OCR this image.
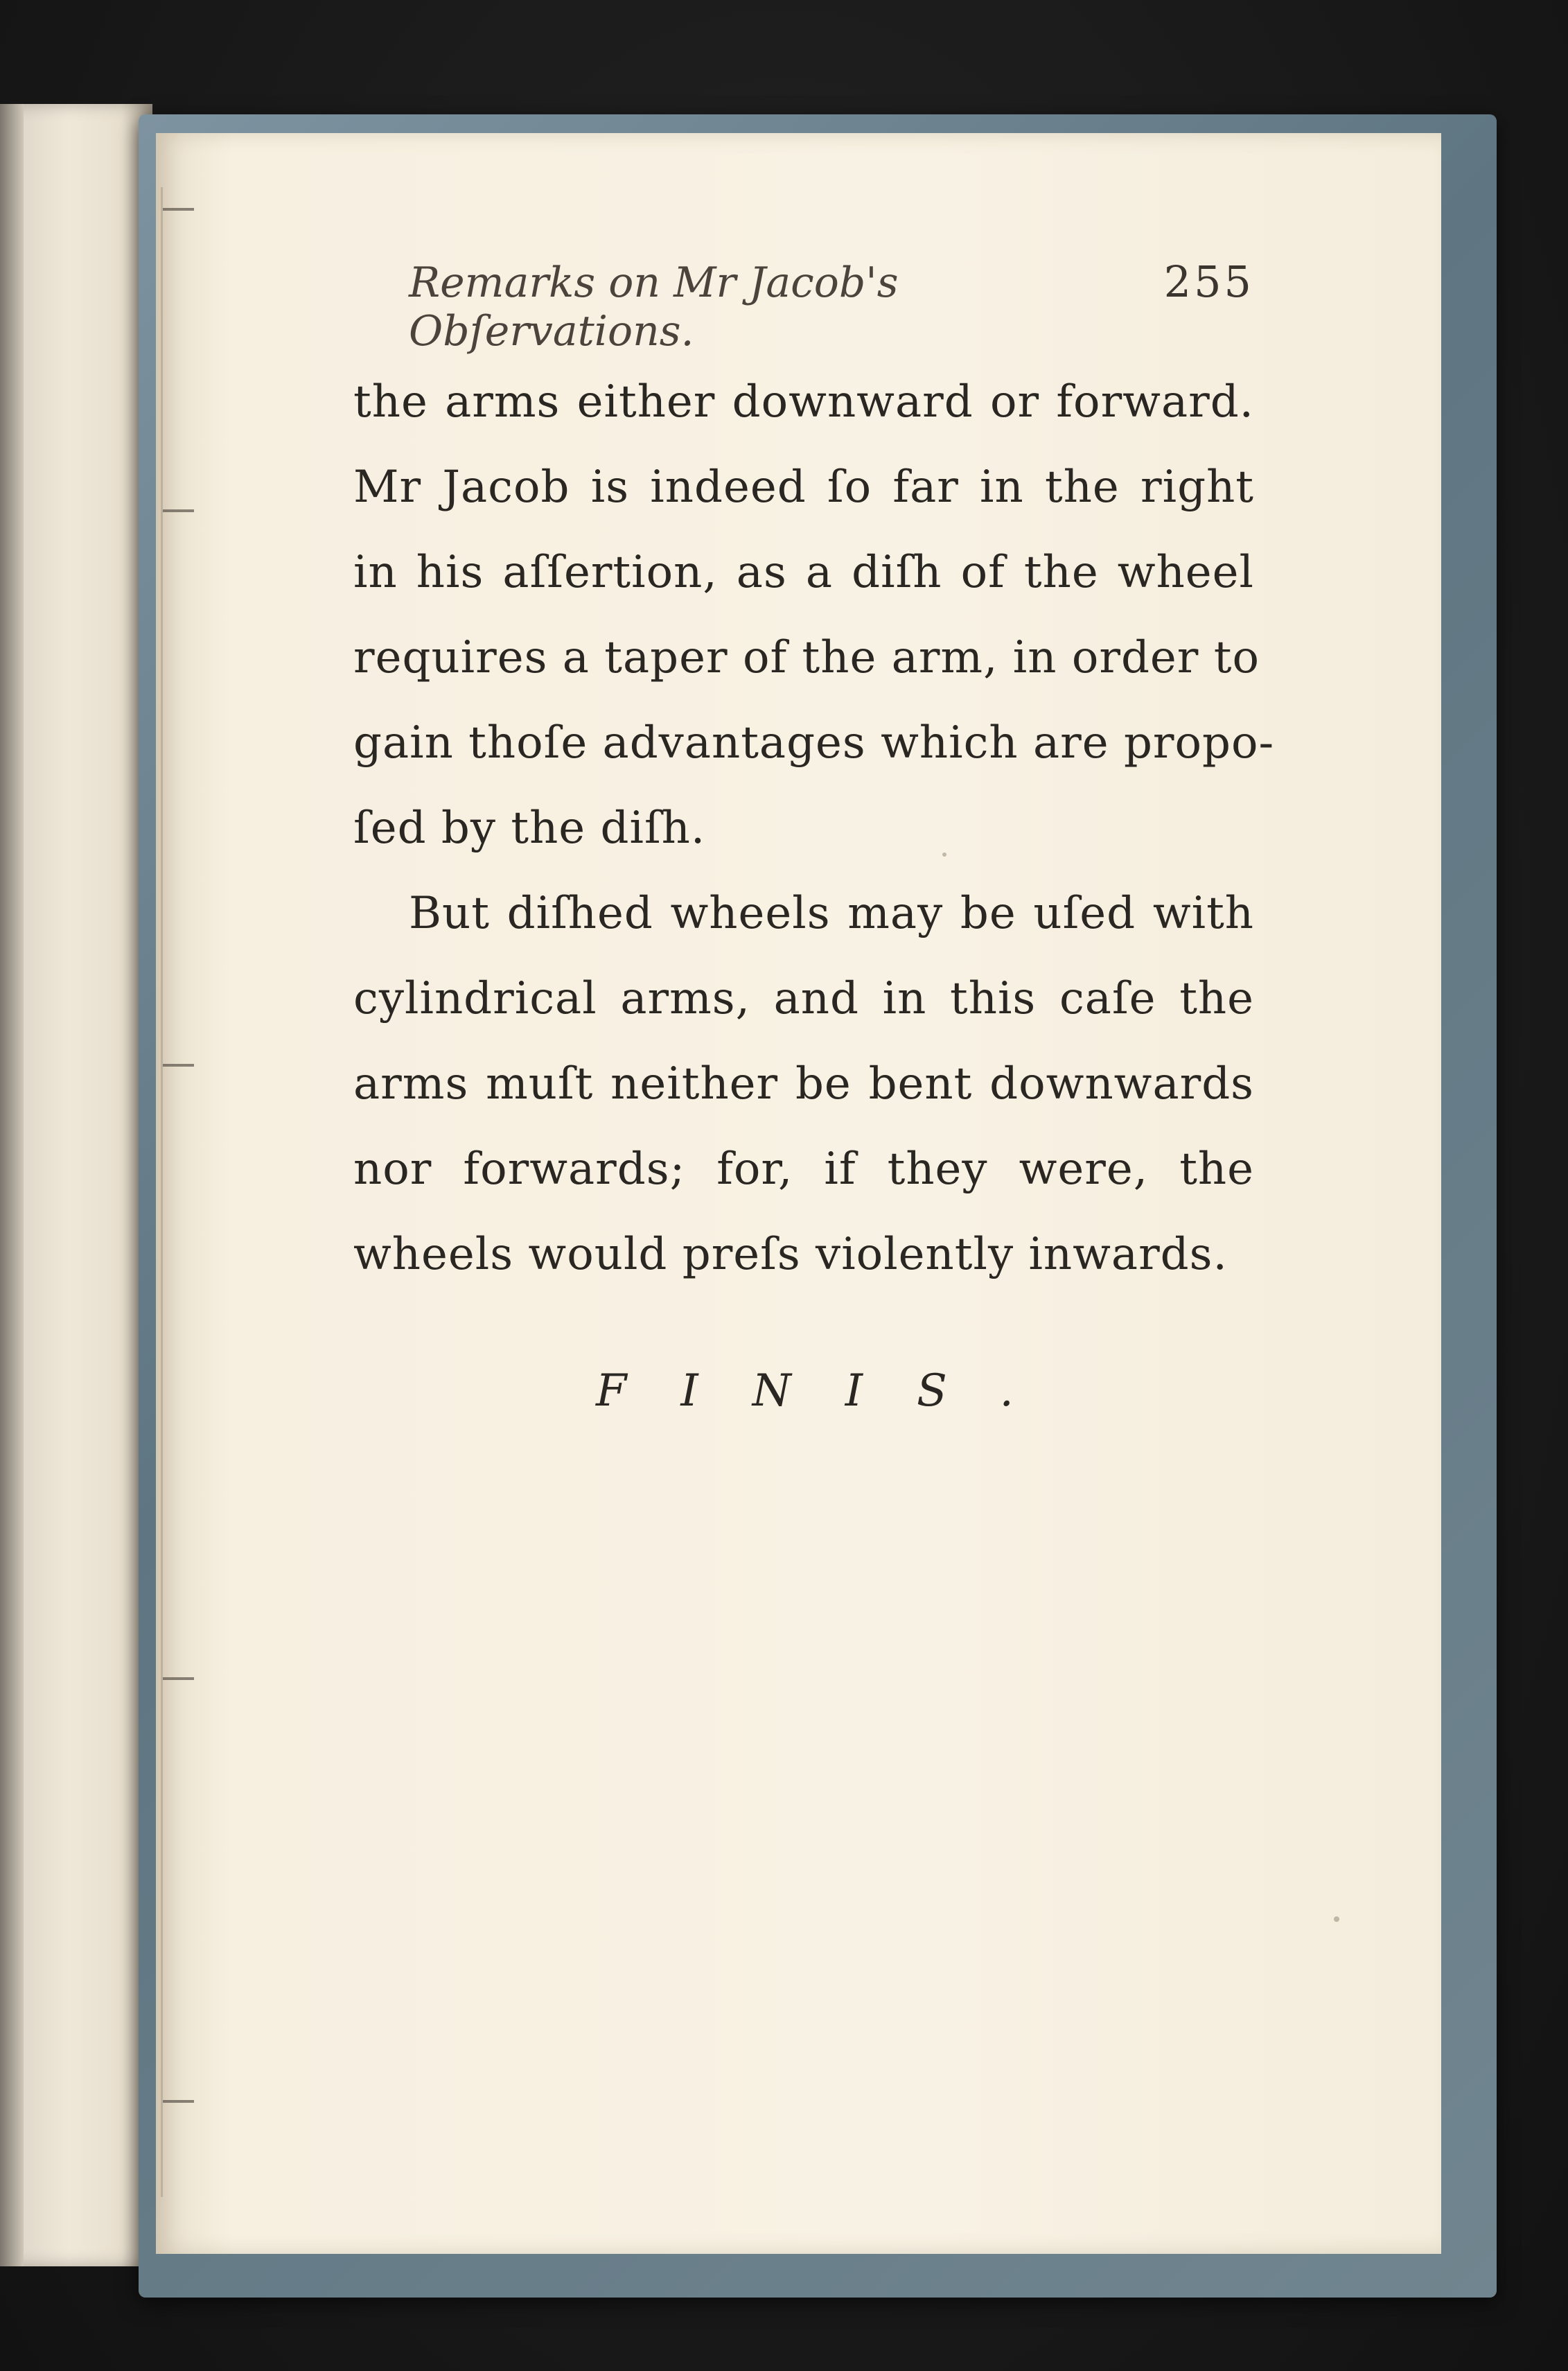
Remarks on Mr Jacob's Obſervations.
255

the arms either downward or forward.
Mr Jacob is indeed ſo far in the right
in his aſſertion, as a diſh of the wheel
requires a taper of the arm, in order to
gain thoſe advantages which are propo-
ſed by the diſh.

But diſhed wheels may be uſed with
cylindrical arms, and in this caſe the
arms muſt neither be bent downwards
nor forwards; for, if they were, the
wheels would preſs violently inwards.

FINIS.
